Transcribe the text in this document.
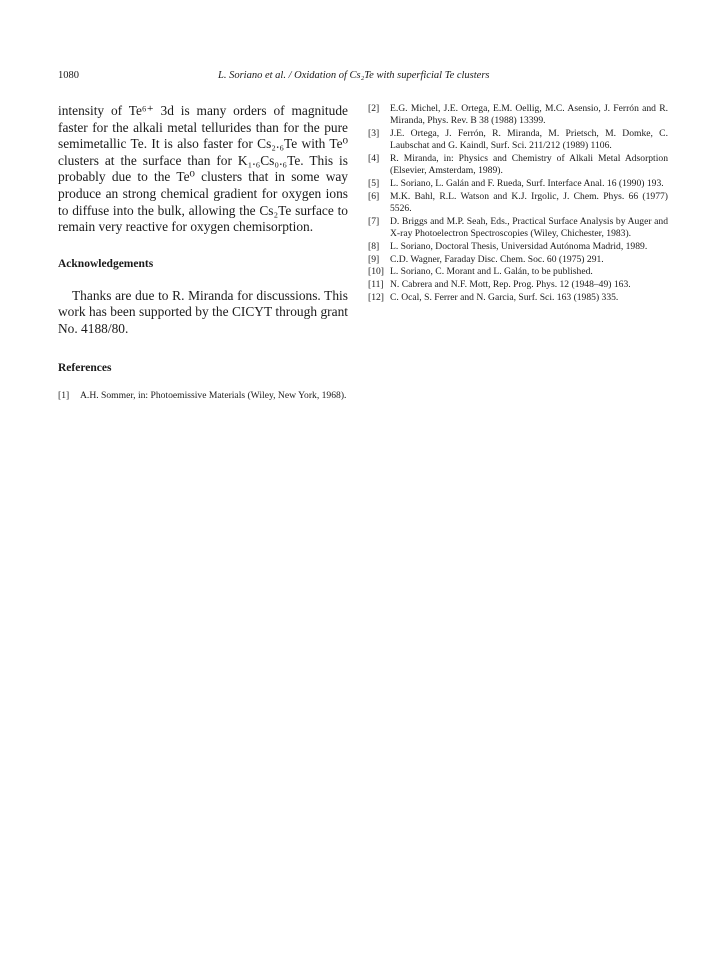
1080	L. Soriano et al. / Oxidation of Cs₂Te with superficial Te clusters

intensity of Te⁶⁺ 3d is many orders of magnitude faster for the alkali metal tellurides than for the pure semimetallic Te. It is also faster for Cs₂.₆Te with Te⁰ clusters at the surface than for K₁.₆Cs₀.₆Te. This is probably due to the Te⁰ clusters that in some way produce an strong chemical gradient for oxygen ions to diffuse into the bulk, allowing the Cs₂Te surface to remain very reactive for oxygen chemisorption.

Acknowledgements

Thanks are due to R. Miranda for discussions. This work has been supported by the CICYT through grant No. 4188/80.

References
[1]	A.H. Sommer, in: Photoemissive Materials (Wiley, New York, 1968).
[2]	E.G. Michel, J.E. Ortega, E.M. Oellig, M.C. Asensio, J. Ferrón and R. Miranda, Phys. Rev. B 38 (1988) 13399.
[3]	J.E. Ortega, J. Ferrón, R. Miranda, M. Prietsch, M. Domke, C. Laubschat and G. Kaindl, Surf. Sci. 211/212 (1989) 1106.
[4]	R. Miranda, in: Physics and Chemistry of Alkali Metal Adsorption (Elsevier, Amsterdam, 1989).
[5]	L. Soriano, L. Galán and F. Rueda, Surf. Interface Anal. 16 (1990) 193.
[6]	M.K. Bahl, R.L. Watson and K.J. Irgolic, J. Chem. Phys. 66 (1977) 5526.
[7]	D. Briggs and M.P. Seah, Eds., Practical Surface Analysis by Auger and X-ray Photoelectron Spectroscopies (Wiley, Chichester, 1983).
[8]	L. Soriano, Doctoral Thesis, Universidad Autónoma Madrid, 1989.
[9]	C.D. Wagner, Faraday Disc. Chem. Soc. 60 (1975) 291.
[10] L. Soriano, C. Morant and L. Galán, to be published.
[11] N. Cabrera and N.F. Mott, Rep. Prog. Phys. 12 (1948–49) 163.
[12] C. Ocal, S. Ferrer and N. Garcia, Surf. Sci. 163 (1985) 335.
